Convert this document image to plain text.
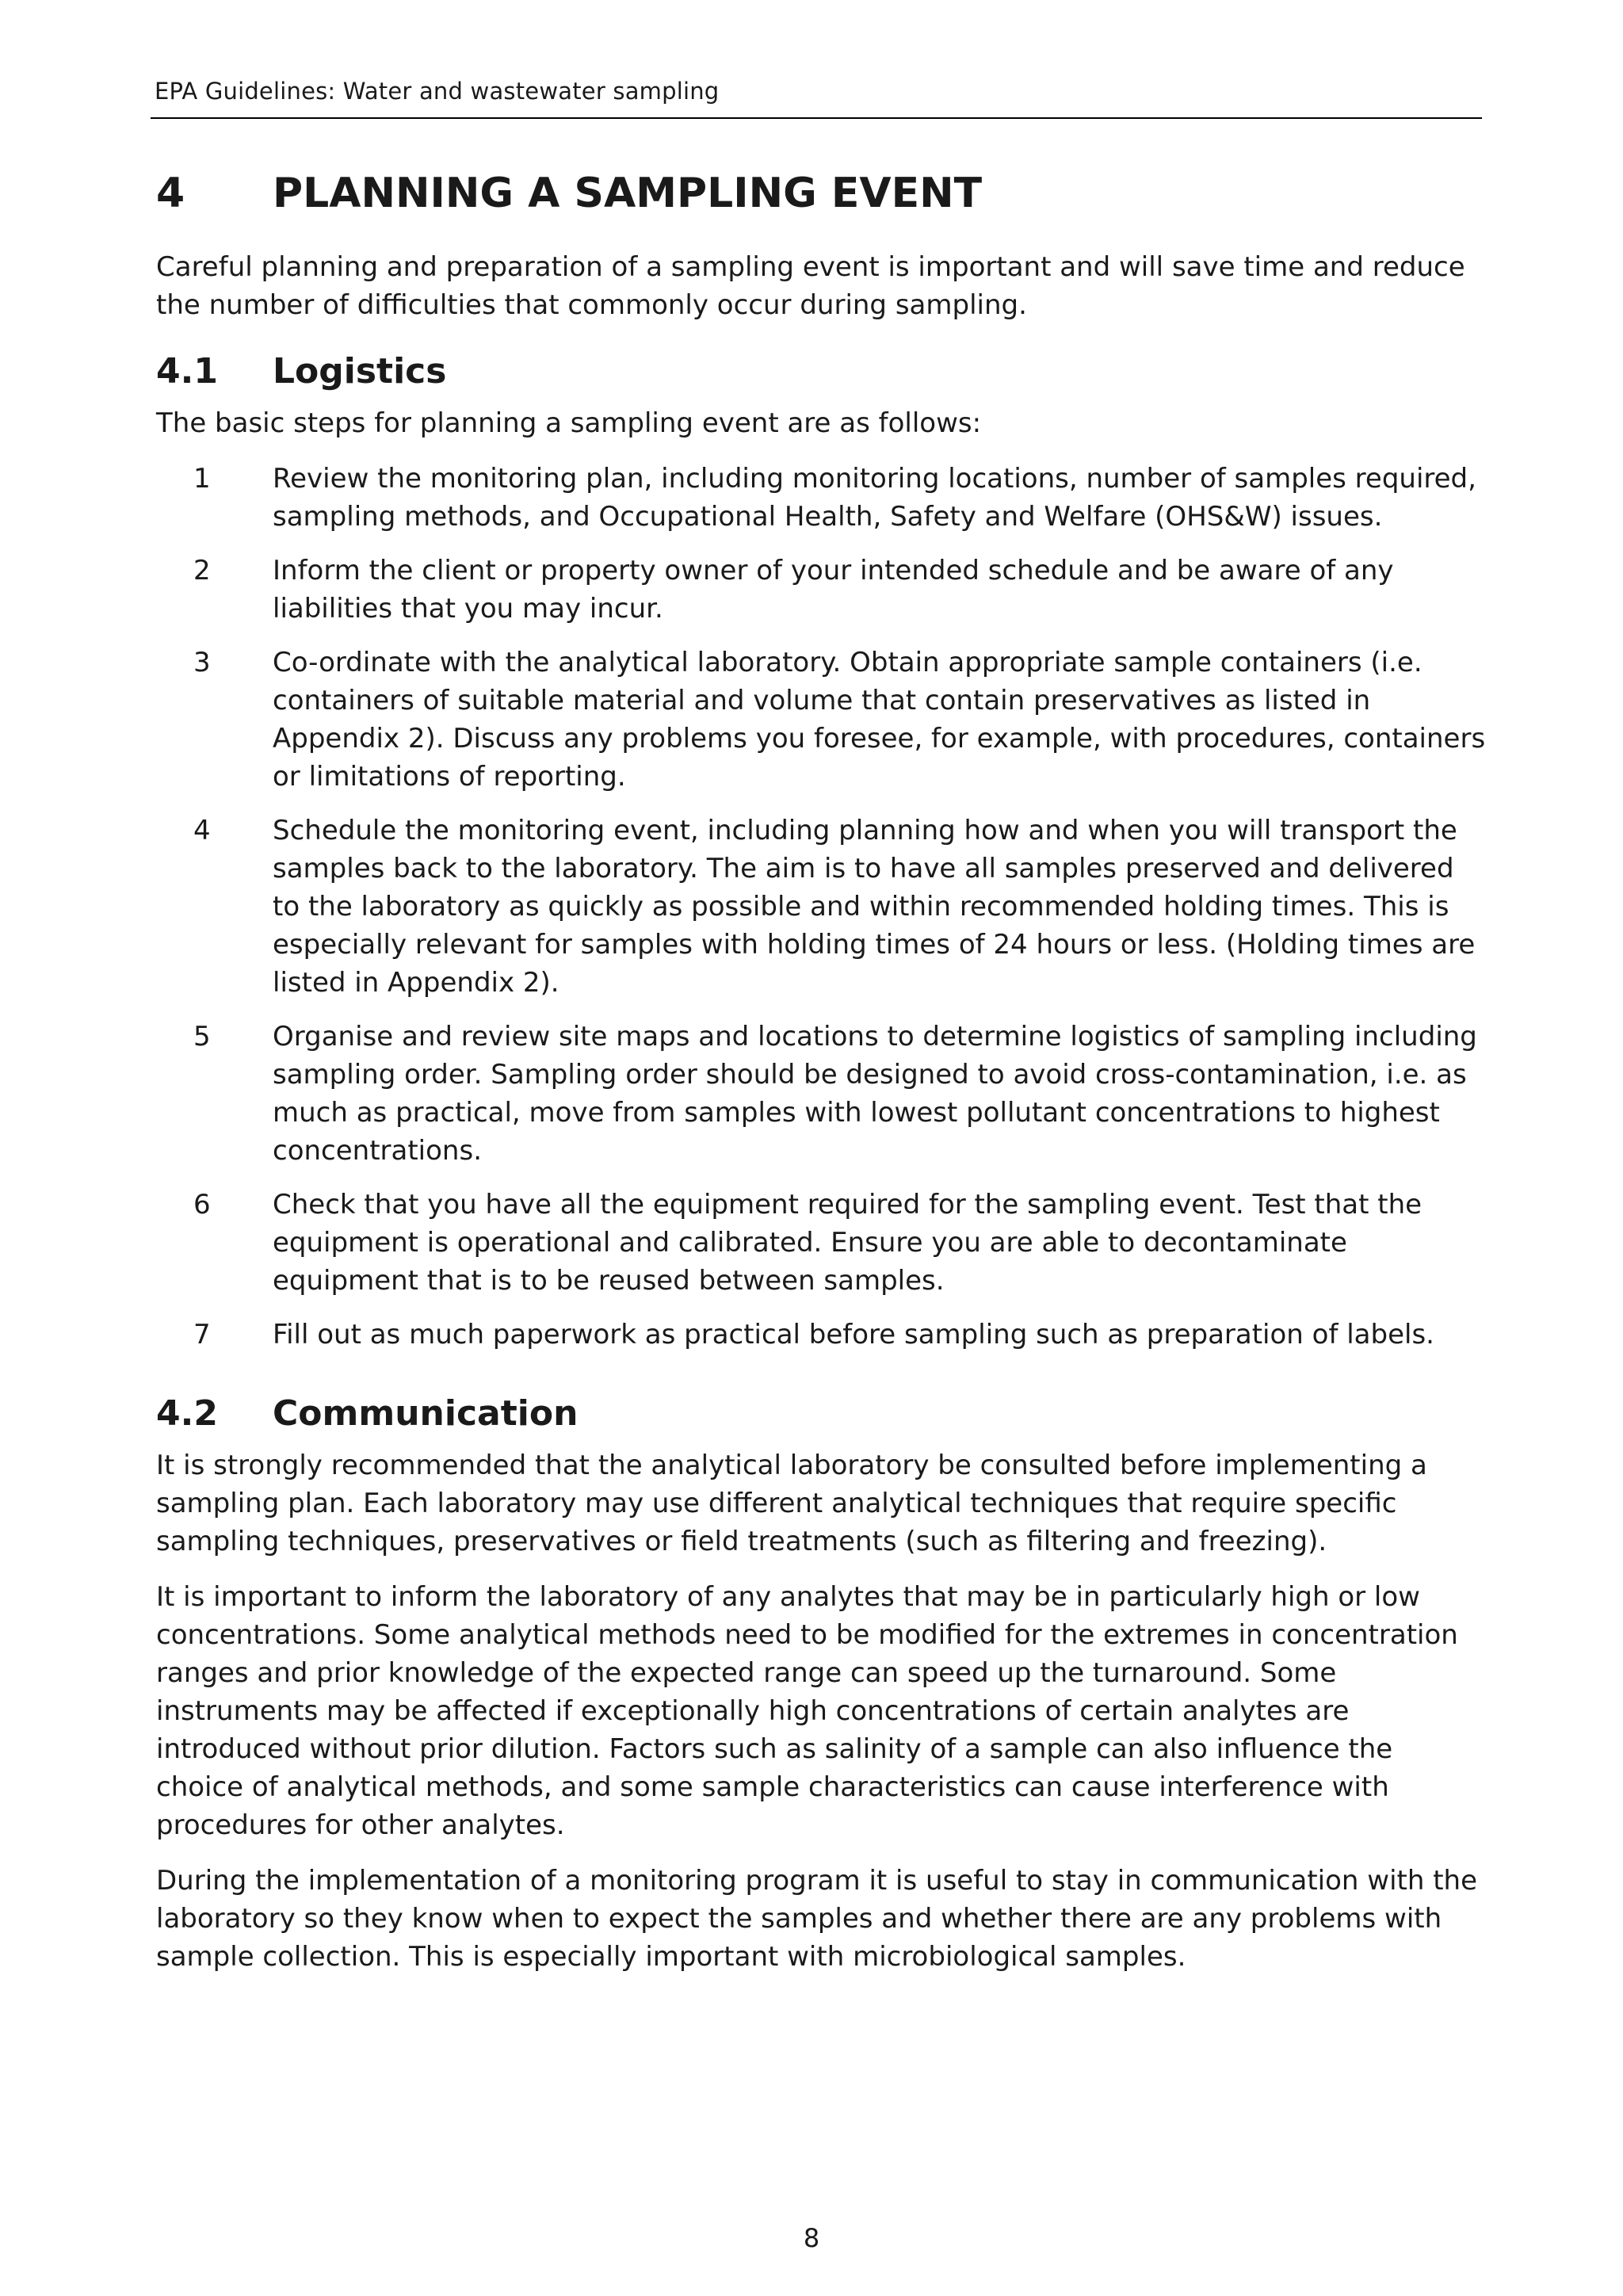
EPA Guidelines: Water and wastewater sampling
4	PLANNING A SAMPLING EVENT

Careful planning and preparation of a sampling event is important and will save time and reduce the number of difficulties that commonly occur during sampling.

4.1	Logistics

The basic steps for planning a sampling event are as follows:

1	Review the monitoring plan, including monitoring locations, number of samples required, sampling methods, and Occupational Health, Safety and Welfare (OHS&W) issues.
2	Inform the client or property owner of your intended schedule and be aware of any liabilities that you may incur.
3	Co-ordinate with the analytical laboratory. Obtain appropriate sample containers (i.e. containers of suitable material and volume that contain preservatives as listed in Appendix 2). Discuss any problems you foresee, for example, with procedures, containers or limitations of reporting.
4	Schedule the monitoring event, including planning how and when you will transport the samples back to the laboratory. The aim is to have all samples preserved and delivered to the laboratory as quickly as possible and within recommended holding times. This is especially relevant for samples with holding times of 24 hours or less. (Holding times are listed in Appendix 2).
5	Organise and review site maps and locations to determine logistics of sampling including sampling order. Sampling order should be designed to avoid cross-contamination, i.e. as much as practical, move from samples with lowest pollutant concentrations to highest concentrations.
6	Check that you have all the equipment required for the sampling event. Test that the equipment is operational and calibrated. Ensure you are able to decontaminate equipment that is to be reused between samples.
7	Fill out as much paperwork as practical before sampling such as preparation of labels.
4.2	Communication

It is strongly recommended that the analytical laboratory be consulted before implementing a sampling plan. Each laboratory may use different analytical techniques that require specific sampling techniques, preservatives or field treatments (such as filtering and freezing).

It is important to inform the laboratory of any analytes that may be in particularly high or low concentrations. Some analytical methods need to be modified for the extremes in concentration ranges and prior knowledge of the expected range can speed up the turnaround. Some instruments may be affected if exceptionally high concentrations of certain analytes are introduced without prior dilution. Factors such as salinity of a sample can also influence the choice of analytical methods, and some sample characteristics can cause interference with procedures for other analytes.

During the implementation of a monitoring program it is useful to stay in communication with the laboratory so they know when to expect the samples and whether there are any problems with sample collection. This is especially important with microbiological samples.

8
